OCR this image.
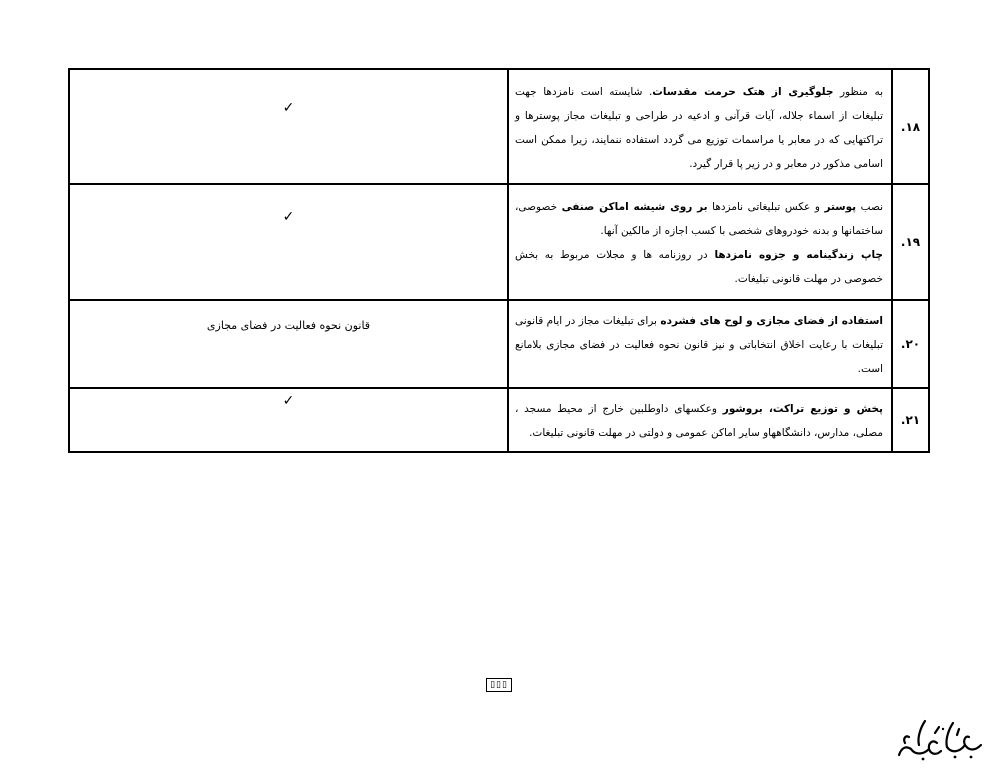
۱۸.	به منظور جلوگیری از هتک حرمت مقدسات. شایسته است نامزدها جهت تبلیغات از اسماء جلاله، آیات قرآنی و ادعیه در طراحی و تبلیغات مجاز پوسترها و تراکتهایی که در معابر یا مراسمات توزیع می گردد استفاده ننمایند، زیرا ممکن است اسامی مذکور در معابر و در زیر پا قرار گیرد.	✓

۱۹.	نصب پوستر و عکس تبلیغاتی نامزدها بر روی شیشه اماکن صنفی خصوصی، ساختمانها و بدنه خودروهای شخصی با کسب اجازه از مالکین آنها.
چاپ زندگینامه و جزوه نامزدها در روزنامه ها و مجلات مربوط به بخش خصوصی در مهلت قانونی تبلیغات.	✓

۲۰.	استفاده از فضای مجازی و لوح های فشرده برای تبلیغات مجاز در ایام قانونی تبلیغات با رعایت اخلاق انتخاباتی و نیز قانون نحوه فعالیت در فضای مجازی بلامانع است.	قانون نحوه فعالیت در فضای مجازی

۲۱.	پخش و توزیع تراکت، بروشور وعکسهای داوطلبین خارج از محیط مسجد ، مصلی، مدارس، دانشگاههاو سایر اماکن عمومی و دولتی در مهلت قانونی تبلیغات.	✓
▯▯▯
